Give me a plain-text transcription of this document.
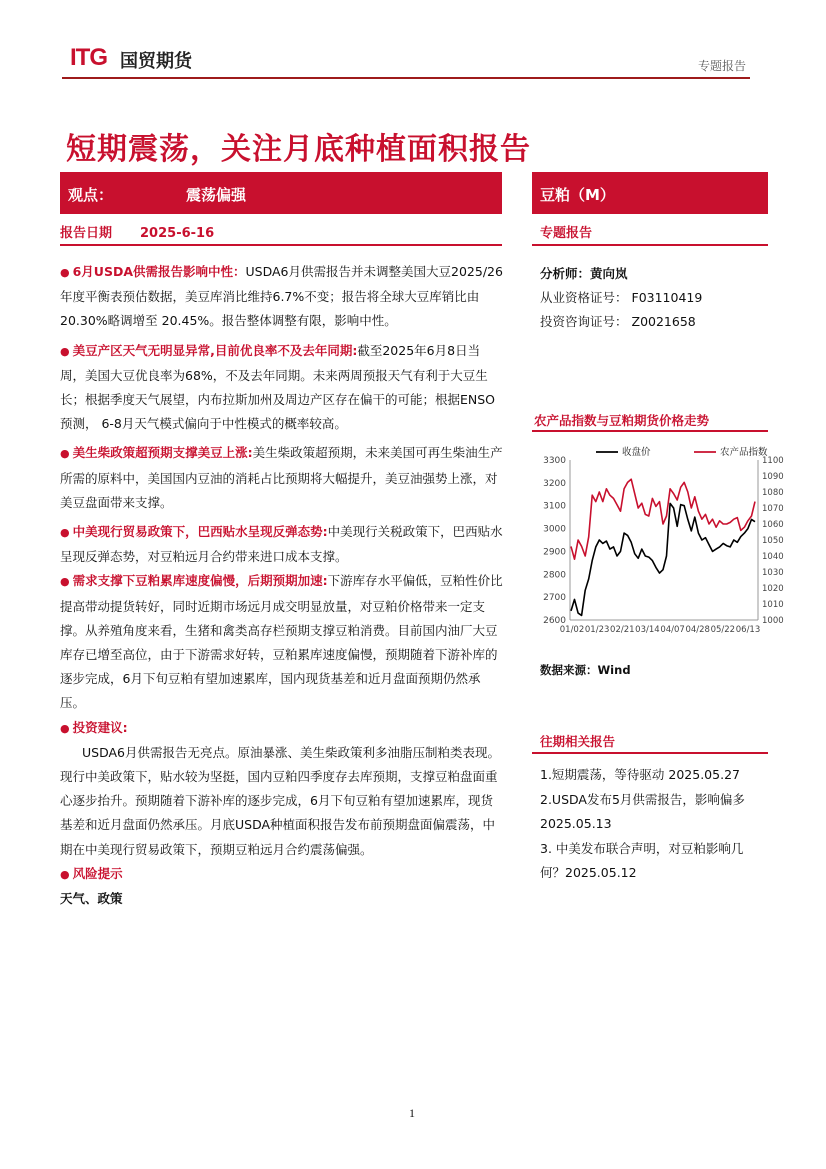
ITG 国贸期货	专题报告
短期震荡，关注月底种植面积报告
观点：	震荡偏强	豆粕（M）
报告日期 2025-6-16	专题报告

● 6月USDA供需报告影响中性：USDA6月供需报告并未调整美国大豆2025/26年度平衡表预估数据，美豆库消比维持6.7%不变；报告将全球大豆库销比由 20.30%略调增至 20.45%。报告整体调整有限，影响中性。

● 美豆产区天气无明显异常,目前优良率不及去年同期:截至2025年6月8日当周，美国大豆优良率为68%，不及去年同期。未来两周预报天气有利于大豆生长；根据季度天气展望，内布拉斯加州及周边产区存在偏干的可能；根据ENSO预测， 6-8月天气模式偏向于中性模式的概率较高。

● 美生柴政策超预期支撑美豆上涨:美生柴政策超预期，未来美国可再生柴油生产所需的原料中，美国国内豆油的消耗占比预期将大幅提升，美豆油强势上涨，对美豆盘面带来支撑。

● 中美现行贸易政策下，巴西贴水呈现反弹态势:中美现行关税政策下，巴西贴水呈现反弹态势，对豆粕远月合约带来进口成本支撑。

● 需求支撑下豆粕累库速度偏慢，后期预期加速:下游库存水平偏低，豆粕性价比提高带动提货转好，同时近期市场远月成交明显放量，对豆粕价格带来一定支撑。从养殖角度来看，生猪和禽类高存栏预期支撑豆粕消费。目前国内油厂大豆库存已增至高位，由于下游需求好转，豆粕累库速度偏慢，预期随着下游补库的逐步完成，6月下旬豆粕有望加速累库，国内现货基差和近月盘面预期仍然承压。

● 投资建议:

USDA6月供需报告无亮点。原油暴涨、美生柴政策利多油脂压制粕类表现。现行中美政策下，贴水较为坚挺，国内豆粕四季度存去库预期，支撑豆粕盘面重心逐步抬升。预期随着下游补库的逐步完成，6月下旬豆粕有望加速累库，现货基差和近月盘面仍然承压。月底USDA种植面积报告发布前预期盘面偏震荡，中期在中美现行贸易政策下，预期豆粕远月合约震荡偏强。

● 风险提示

天气、政策

分析师：黄向岚
从业资格证号： F03110419
投资咨询证号： Z0021658
农产品指数与豆粕期货价格走势
3300
3200
3100
3000
2900
2800
2700
2600
1100
1090
1080
1070
1060
1050
1040
1030
1020
1010
1000
01/02 01/23 02/21 03/14 04/07 04/28 05/22 06/13
收盘价	农产品指数
数据来源：Wind
往期相关报告

1.短期震荡，等待驱动 2025.05.27

2.USDA发布5月供需报告，影响偏多 2025.05.13

3. 中美发布联合声明，对豆粕影响几何？2025.05.12

1
